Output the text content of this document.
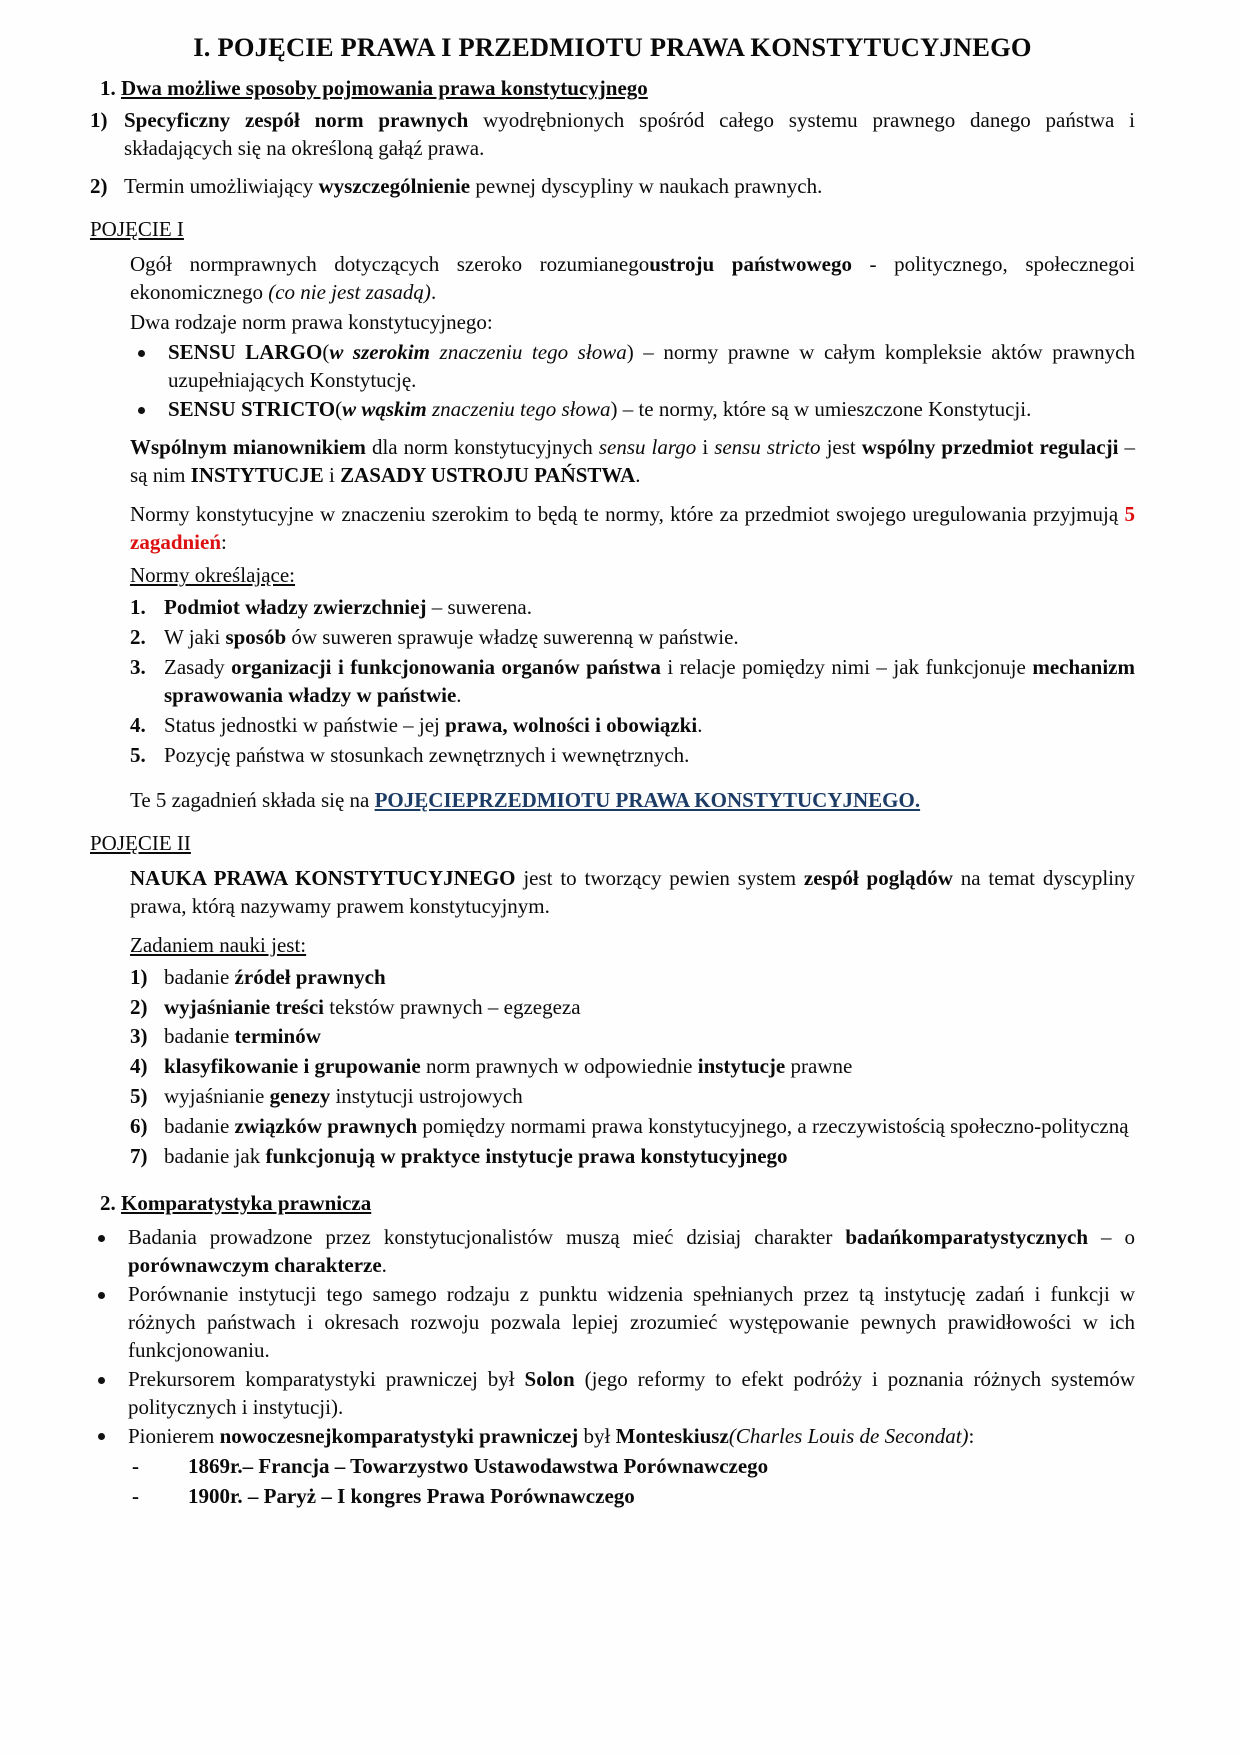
I. POJĘCIE PRAWA I PRZEDMIOTU PRAWA KONSTYTUCYJNEGO
1. Dwa możliwe sposoby pojmowania prawa konstytucyjnego
1) Specyficzny zespół norm prawnych wyodrębnionych spośród całego systemu prawnego danego państwa i składających się na określoną gałąź prawa.
2) Termin umożliwiający wyszczególnienie pewnej dyscypliny w naukach prawnych.
POJĘCIE I

Ogół normprawnych dotyczących szeroko rozumianegoustroju państwowego - politycznego, społecznegoi ekonomicznego (co nie jest zasadą).

Dwa rodzaje norm prawa konstytucyjnego:

SENSU LARGO(w szerokim znaczeniu tego słowa) – normy prawne w całym kompleksie aktów prawnych uzupełniających Konstytucję.
SENSU STRICTO(w wąskim znaczeniu tego słowa) – te normy, które są w umieszczone Konstytucji.

Wspólnym mianownikiem dla norm konstytucyjnych sensu largo i sensu stricto jest wspólny przedmiot regulacji – są nim INSTYTUCJE i ZASADY USTROJU PAŃSTWA.

Normy konstytucyjne w znaczeniu szerokim to będą te normy, które za przedmiot swojego uregulowania przyjmują 5 zagadnień:

Normy określające:

1. Podmiot władzy zwierzchniej – suwerena.
2. W jaki sposób ów suweren sprawuje władzę suwerenną w państwie.
3. Zasady organizacji i funkcjonowania organów państwa i relacje pomiędzy nimi – jak funkcjonuje mechanizm sprawowania władzy w państwie.
4. Status jednostki w państwie – jej prawa, wolności i obowiązki.
5. Pozycję państwa w stosunkach zewnętrznych i wewnętrznych.

Te 5 zagadnień składa się na POJĘCIEPRZEDMIOTU PRAWA KONSTYTUCYJNEGO.

POJĘCIE II

NAUKA PRAWA KONSTYTUCYJNEGO jest to tworzący pewien system zespół poglądów na temat dyscypliny prawa, którą nazywamy prawem konstytucyjnym.

Zadaniem nauki jest:

1) badanie źródeł prawnych
2) wyjaśnianie treści tekstów prawnych – egzegeza
3) badanie terminów
4) klasyfikowanie i grupowanie norm prawnych w odpowiednie instytucje prawne
5) wyjaśnianie genezy instytucji ustrojowych
6) badanie związków prawnych pomiędzy normami prawa konstytucyjnego, a rzeczywistością społeczno-polityczną
7) badanie jak funkcjonują w praktyce instytucje prawa konstytucyjnego
2. Komparatystyka prawnicza
Badania prowadzone przez konstytucjonalistów muszą mieć dzisiaj charakter badańkomparatystycznych – o porównawczym charakterze.
Porównanie instytucji tego samego rodzaju z punktu widzenia spełnianych przez tą instytucję zadań i funkcji w różnych państwach i okresach rozwoju pozwala lepiej zrozumieć występowanie pewnych prawidłowości w ich funkcjonowaniu.
Prekursorem komparatystyki prawniczej był Solon (jego reformy to efekt podróży i poznania różnych systemów politycznych i instytucji).
Pionierem nowoczesnejkomparatystyki prawniczej był Monteskiusz(Charles Louis de Secondat):
- 1869r.– Francja – Towarzystwo Ustawodawstwa Porównawczego
- 1900r. – Paryż – I kongres Prawa Porównawczego
